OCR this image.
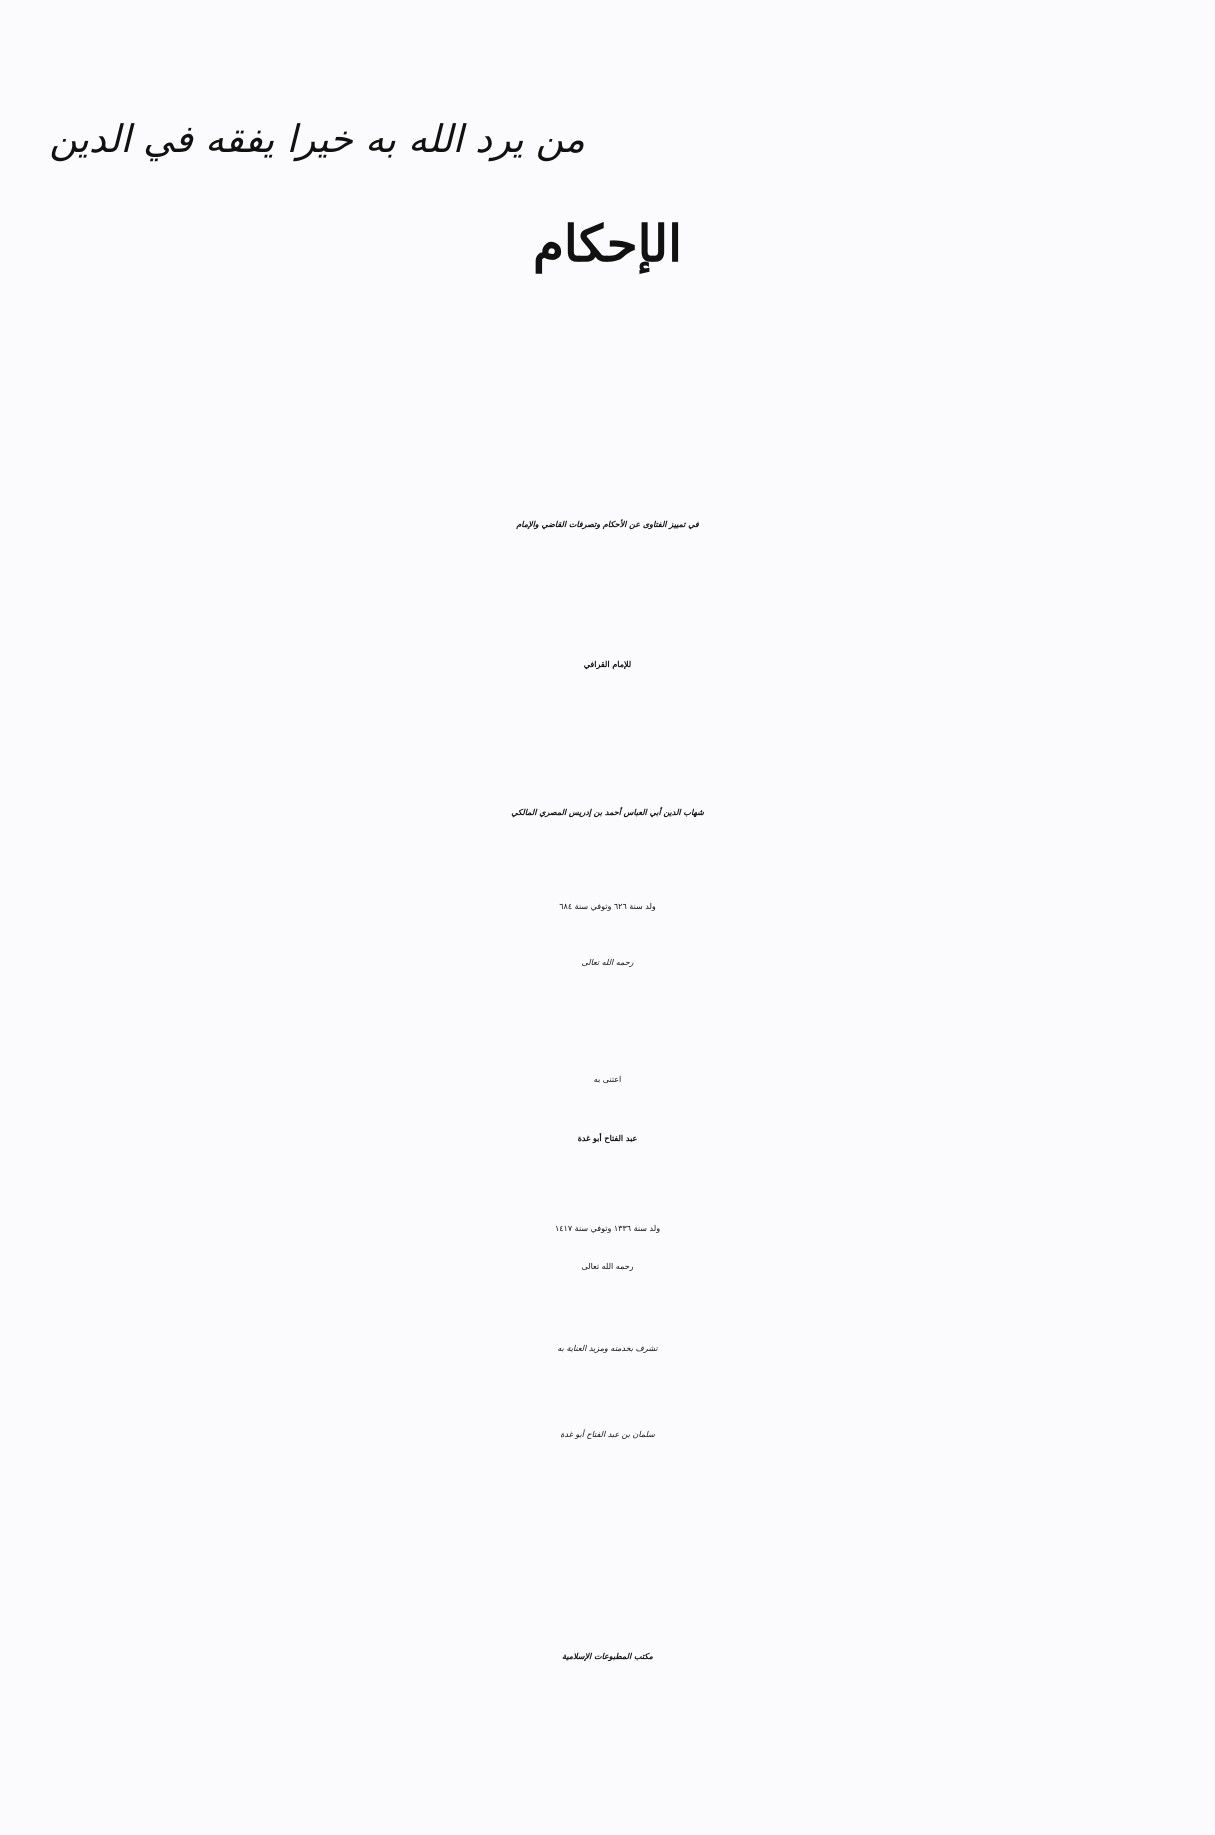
من يرد الله به خيرا يفقه في الدين
الإحكام
في تمييز الفتاوى عن الأحكام وتصرفات القاضي والإمام
للإمام القرافي
شهاب الدين أبي العباس أحمد بن إدريس المصري المالكي
ولد سنة ٦٢٦ وتوفي سنة ٦٨٤
رحمه الله تعالى
اعتنى به
عبد الفتاح أبو غدة
ولد سنة ١٣٣٦ وتوفي سنة ١٤١٧
رحمه الله تعالى
تشرف بخدمته ومزيد العناية به
سلمان بن عبد الفتاح أبو غدة
مكتب المطبوعات الإسلامية
